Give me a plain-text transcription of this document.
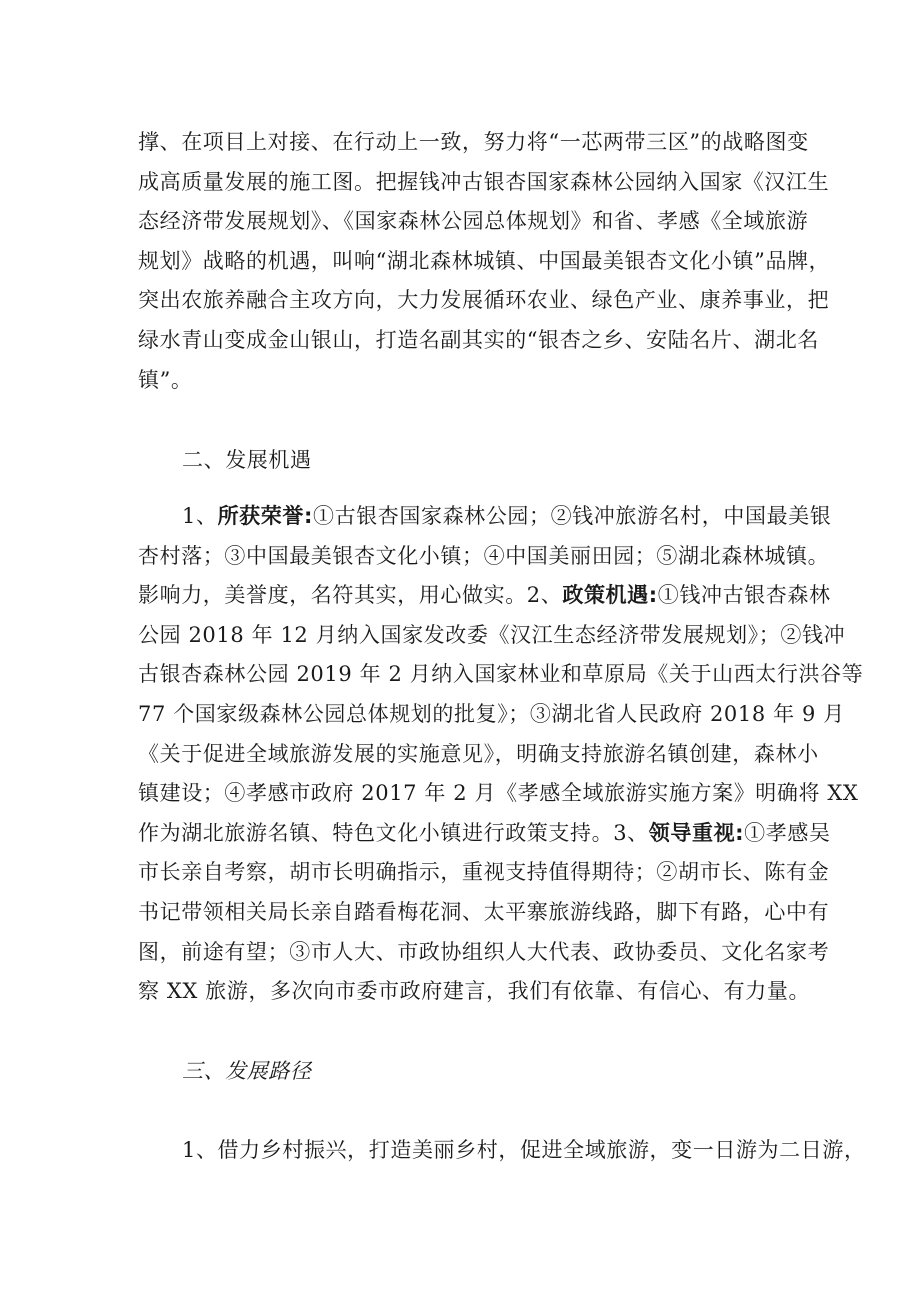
撑、在项目上对接、在行动上一致，努力将“一芯两带三区”的战略图变
成高质量发展的施工图。把握钱冲古银杏国家森林公园纳入国家《汉江生
态经济带发展规划》、《国家森林公园总体规划》和省、孝感《全域旅游
规划》战略的机遇，叫响“湖北森林城镇、中国最美银杏文化小镇”品牌，
突出农旅养融合主攻方向，大力发展循环农业、绿色产业、康养事业，把
绿水青山变成金山银山，打造名副其实的“银杏之乡、安陆名片、湖北名
镇”。
二、发展机遇
1、所获荣誉:①古银杏国家森林公园；②钱冲旅游名村，中国最美银
杏村落；③中国最美银杏文化小镇；④中国美丽田园；⑤湖北森林城镇。
影响力，美誉度，名符其实，用心做实。2、政策机遇:①钱冲古银杏森林
公园 2018 年 12 月纳入国家发改委《汉江生态经济带发展规划》；②钱冲
古银杏森林公园 2019 年 2 月纳入国家林业和草原局《关于山西太行洪谷等
77 个国家级森林公园总体规划的批复》；③湖北省人民政府 2018 年 9 月
《关于促进全域旅游发展的实施意见》，明确支持旅游名镇创建，森林小
镇建设；④孝感市政府 2017 年 2 月《孝感全域旅游实施方案》明确将 XX
作为湖北旅游名镇、特色文化小镇进行政策支持。3、领导重视:①孝感吴
市长亲自考察，胡市长明确指示，重视支持值得期待；②胡市长、陈有金
书记带领相关局长亲自踏看梅花洞、太平寨旅游线路，脚下有路，心中有
图，前途有望；③市人大、市政协组织人大代表、政协委员、文化名家考
察 XX 旅游，多次向市委市政府建言，我们有依靠、有信心、有力量。
三、发展路径
1、借力乡村振兴，打造美丽乡村，促进全域旅游，变一日游为二日游，
